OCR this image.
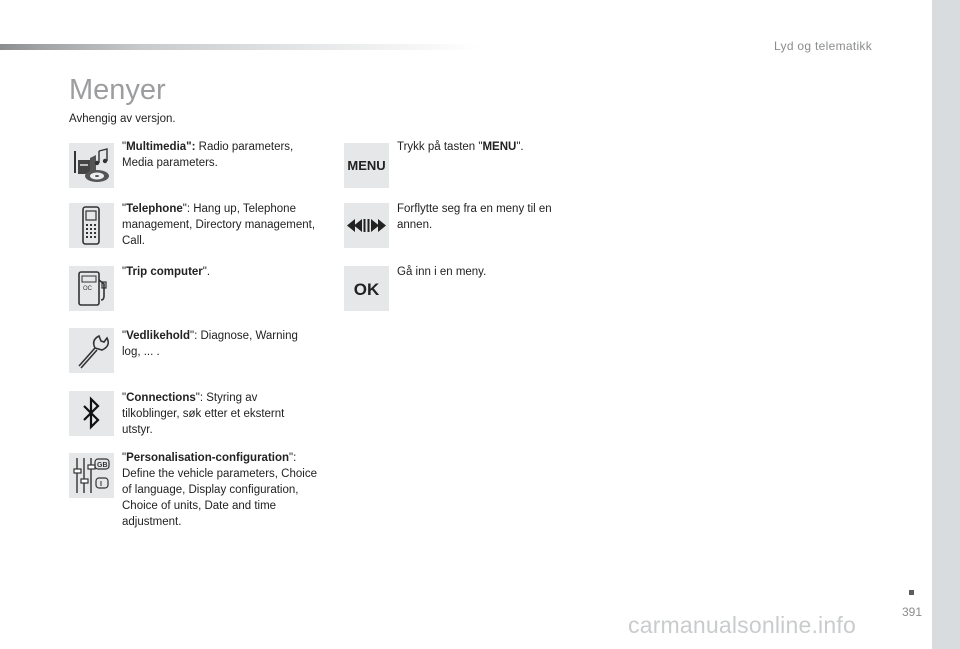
Lyd og telematikk
Menyer
Avhengig av versjon.
"Multimedia": Radio parameters, Media parameters.
"Telephone": Hang up, Telephone management, Directory management, Call.
OC
"Trip computer".
"Vedlikehold": Diagnose, Warning log, ... .
"Connections": Styring av tilkoblinger, søk etter et eksternt utstyr.
GB
I
"Personalisation-configuration": Define the vehicle parameters, Choice of language, Display configuration, Choice of units, Date and time adjustment.
MENU
Trykk på tasten "MENU".
Forflytte seg fra en meny til en annen.
OK
Gå inn i en meny.
391
carmanualsonline.info
